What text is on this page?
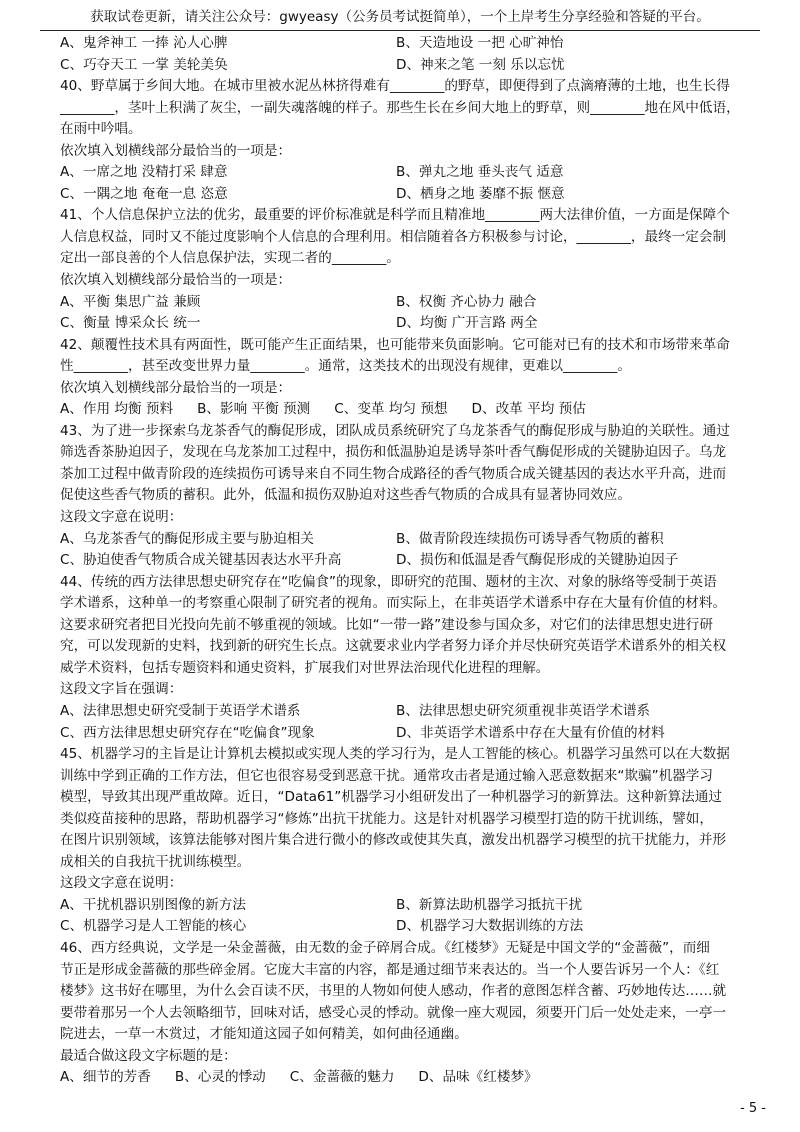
获取试卷更新，请关注公众号：gwyeasy（公务员考试挺简单），一个上岸考生分享经验和答疑的平台。
A、鬼斧神工 一捧 沁人心脾	B、天造地设 一把 心旷神怡
C、巧夺天工 一掌 美轮美奂	D、神来之笔 一刻 乐以忘忧
40、野草属于乡间大地。在城市里被水泥丛林挤得难有________的野草，即便得到了点滴瘠薄的土地，也生长得
________，茎叶上积满了灰尘，一副失魂落魄的样子。那些生长在乡间大地上的野草，则________地在风中低语，
在雨中吟唱。
依次填入划横线部分最恰当的一项是：
A、一席之地 没精打采 肆意	B、弹丸之地 垂头丧气 适意
C、一隅之地 奄奄一息 恣意	D、栖身之地 萎靡不振 惬意
41、个人信息保护立法的优劣，最重要的评价标准就是科学而且精准地________两大法律价值，一方面是保障个
人信息权益，同时又不能过度影响个人信息的合理利用。相信随着各方积极参与讨论，________，最终一定会制
定出一部良善的个人信息保护法，实现二者的________。
依次填入划横线部分最恰当的一项是：
A、平衡 集思广益 兼顾	B、权衡 齐心协力 融合
C、衡量 博采众长 统一	D、均衡 广开言路 两全
42、颠覆性技术具有两面性，既可能产生正面结果，也可能带来负面影响。它可能对已有的技术和市场带来革命
性________，甚至改变世界力量________。通常，这类技术的出现没有规律，更难以________。
依次填入划横线部分最恰当的一项是：
A、作用 均衡 预料 B、影响 平衡 预测 C、变革 均匀 预想 D、改革 平均 预估
43、为了进一步探索乌龙茶香气的酶促形成，团队成员系统研究了乌龙茶香气的酶促形成与胁迫的关联性。通过
筛选香茶胁迫因子，发现在乌龙茶加工过程中，损伤和低温胁迫是诱导茶叶香气酶促形成的关键胁迫因子。乌龙
茶加工过程中做青阶段的连续损伤可诱导来自不同生物合成路径的香气物质合成关键基因的表达水平升高，进而
促使这些香气物质的蓄积。此外，低温和损伤双胁迫对这些香气物质的合成具有显著协同效应。
这段文字意在说明：
A、乌龙茶香气的酶促形成主要与胁迫相关	B、做青阶段连续损伤可诱导香气物质的蓄积
C、胁迫使香气物质合成关键基因表达水平升高	D、损伤和低温是香气酶促形成的关键胁迫因子
44、传统的西方法律思想史研究存在“吃偏食”的现象，即研究的范围、题材的主次、对象的脉络等受制于英语
学术谱系，这种单一的考察重心限制了研究者的视角。而实际上，在非英语学术谱系中存在大量有价值的材料。
这要求研究者把目光投向先前不够重视的领域。比如“一带一路”建设参与国众多，对它们的法律思想史进行研
究，可以发现新的史料，找到新的研究生长点。这就要求业内学者努力译介并尽快研究英语学术谱系外的相关权
威学术资料，包括专题资料和通史资料，扩展我们对世界法治现代化进程的理解。
这段文字旨在强调：
A、法律思想史研究受制于英语学术谱系	B、法律思想史研究须重视非英语学术谱系
C、西方法律思想史研究存在“吃偏食”现象	D、非英语学术谱系中存在大量有价值的材料
45、机器学习的主旨是让计算机去模拟或实现人类的学习行为，是人工智能的核心。机器学习虽然可以在大数据
训练中学到正确的工作方法，但它也很容易受到恶意干扰。通常攻击者是通过输入恶意数据来“欺骗”机器学习
模型，导致其出现严重故障。近日，“Data61”机器学习小组研发出了一种机器学习的新算法。这种新算法通过
类似疫苗接种的思路，帮助机器学习“修炼”出抗干扰能力。这是针对机器学习模型打造的防干扰训练，譬如，
在图片识别领域，该算法能够对图片集合进行微小的修改或使其失真，激发出机器学习模型的抗干扰能力，并形
成相关的自我抗干扰训练模型。
这段文字意在说明：
A、干扰机器识别图像的新方法	B、新算法助机器学习抵抗干扰
C、机器学习是人工智能的核心	D、机器学习大数据训练的方法
46、西方经典说，文学是一朵金蔷薇，由无数的金子碎屑合成。《红楼梦》无疑是中国文学的“金蔷薇”，而细
节正是形成金蔷薇的那些碎金屑。它庞大丰富的内容，都是通过细节来表达的。当一个人要告诉另一个人：《红
楼梦》这书好在哪里，为什么会百读不厌，书里的人物如何使人感动，作者的意图怎样含蓄、巧妙地传达……就
要带着那另一个人去领略细节，回味对话，感受心灵的悸动。就像一座大观园，须要开门后一处处走来，一亭一
院进去，一草一木赏过，才能知道这园子如何精美，如何曲径通幽。
最适合做这段文字标题的是：
A、细节的芳香 B、心灵的悸动 C、金蔷薇的魅力 D、品味《红楼梦》
- 5 -
